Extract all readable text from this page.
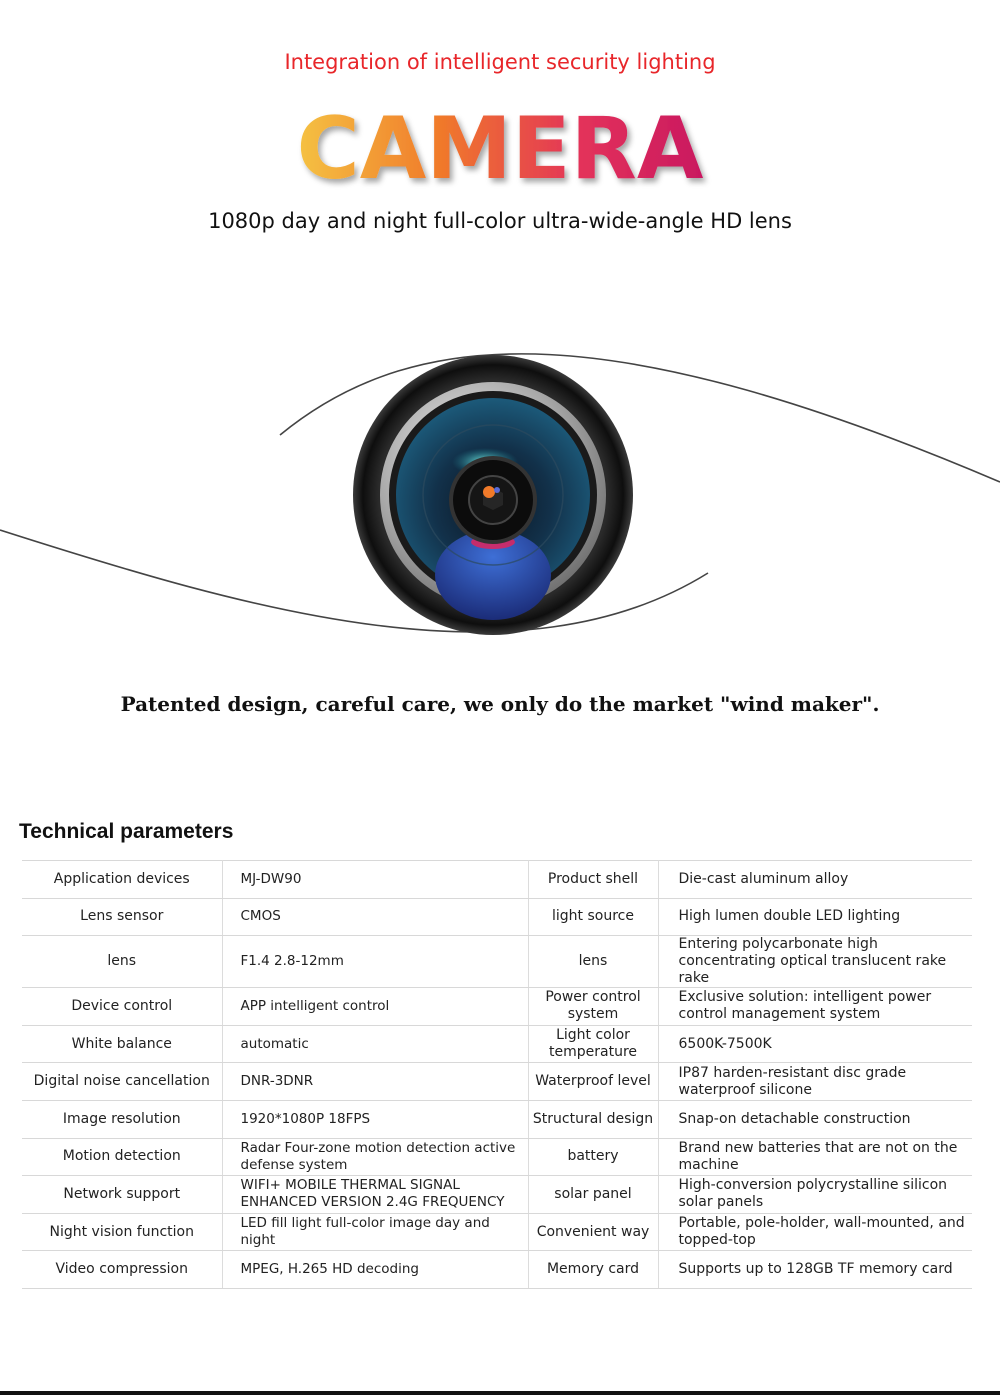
Integration of intelligent security lighting
CAMERA
1080p day and night full-color ultra-wide-angle HD lens
Patented design, careful care, we only do the market "wind maker".
Technical parameters
Application devices	MJ-DW90	Product shell	Die-cast aluminum alloy
Lens sensor	CMOS	light source	High lumen double LED lighting
lens	F1.4 2.8-12mm	lens	Entering polycarbonate high concentrating optical translucent rake rake
Device control	APP intelligent control	Power control system	Exclusive solution: intelligent power control management system
White balance	automatic	Light color temperature	6500K-7500K
Digital noise cancellation	DNR-3DNR	Waterproof level	IP87 harden-resistant disc grade waterproof silicone
Image resolution	1920*1080P 18FPS	Structural design	Snap-on detachable construction
Motion detection	Radar Four-zone motion detection active defense system	battery	Brand new batteries that are not on the machine
Network support	WIFI+ MOBILE THERMAL SIGNAL ENHANCED VERSION 2.4G FREQUENCY	solar panel	High-conversion polycrystalline silicon solar panels
Night vision function	LED fill light full-color image day and night	Convenient way	Portable, pole-holder, wall-mounted, and topped-top
Video compression	MPEG, H.265 HD decoding	Memory card	Supports up to 128GB TF memory card
